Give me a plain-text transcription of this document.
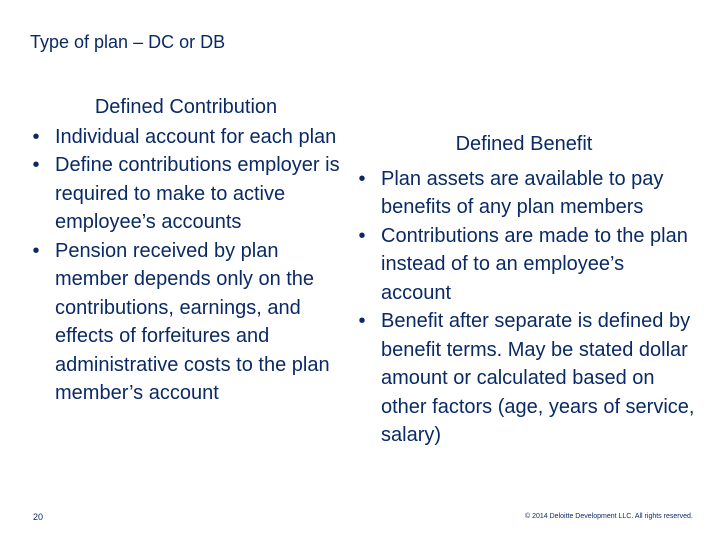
Type of plan – DC or DB

Defined Contribution

• Individual account for each plan
• Define contributions employer is required to make to active employee’s accounts
• Pension received by plan member depends only on the contributions, earnings, and effects of forfeitures and administrative costs to the plan member’s account

Defined Benefit

• Plan assets are available to pay benefits of any plan members
• Contributions are made to the plan instead of to an employee’s account
• Benefit after separate is defined by benefit terms. May be stated dollar amount or calculated based on other factors (age, years of service, salary)
20	© 2014 Deloitte Development LLC. All rights reserved.
